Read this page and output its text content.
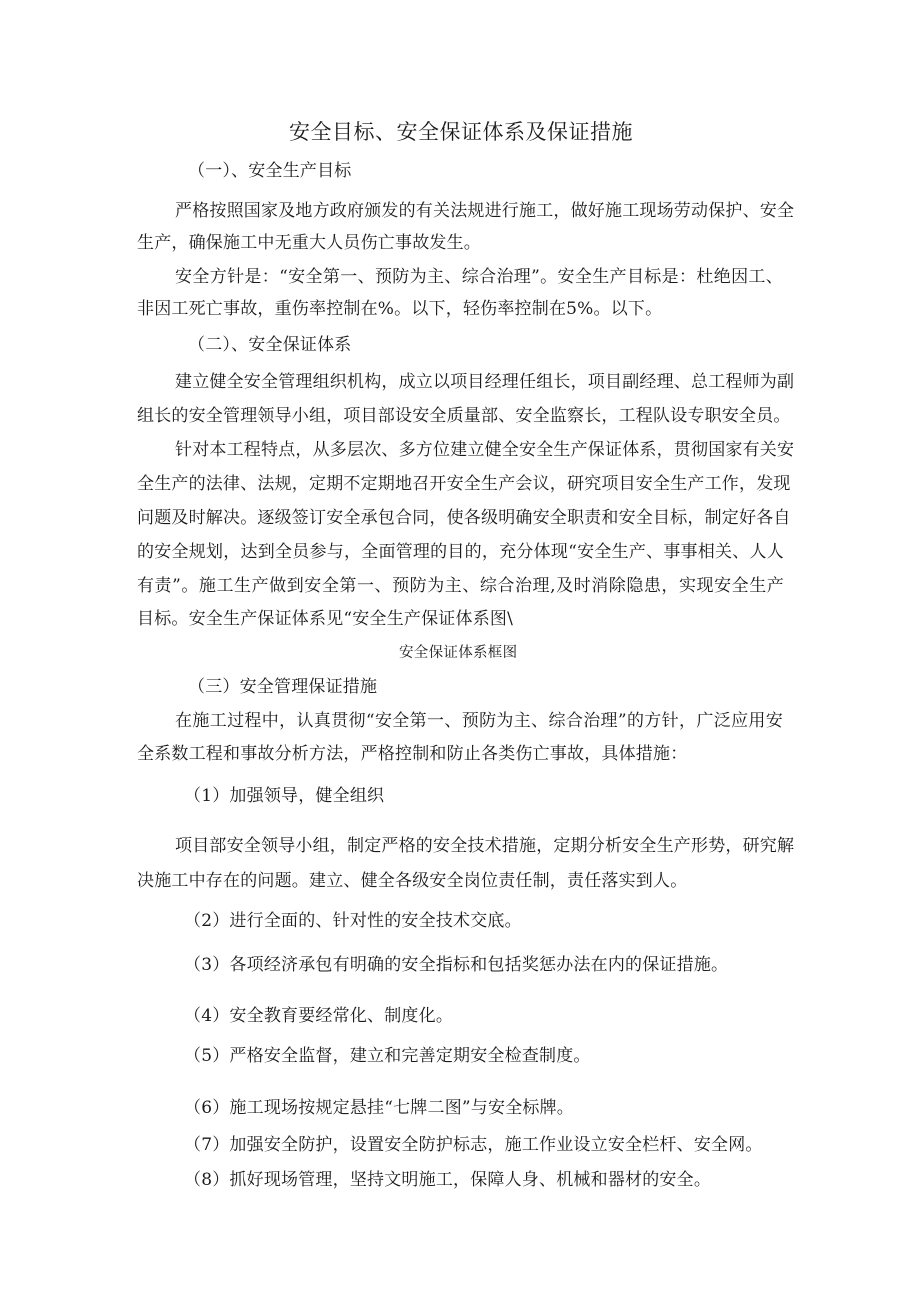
安全目标、安全保证体系及保证措施
（一）、安全生产目标
严格按照国家及地方政府颁发的有关法规进行施工，做好施工现场劳动保护、安全
生产，确保施工中无重大人员伤亡事故发生。
安全方针是：“安全第一、预防为主、综合治理”。安全生产目标是：杜绝因工、
非因工死亡事故，重伤率控制在%。以下，轻伤率控制在5%。以下。
（二）、安全保证体系
建立健全安全管理组织机构，成立以项目经理任组长，项目副经理、总工程师为副
组长的安全管理领导小组，项目部设安全质量部、安全监察长，工程队设专职安全员。
针对本工程特点，从多层次、多方位建立健全安全生产保证体系，贯彻国家有关安
全生产的法律、法规，定期不定期地召开安全生产会议，研究项目安全生产工作，发现
问题及时解决。逐级签订安全承包合同，使各级明确安全职责和安全目标，制定好各自
的安全规划，达到全员参与，全面管理的目的，充分体现“安全生产、事事相关、人人
有责”。施工生产做到安全第一、预防为主、综合治理,及时消除隐患，实现安全生产
目标。安全生产保证体系见“安全生产保证体系图\
安全保证体系框图
（三）安全管理保证措施
在施工过程中，认真贯彻“安全第一、预防为主、综合治理”的方针，广泛应用安
全系数工程和事故分析方法，严格控制和防止各类伤亡事故，具体措施：
（1）加强领导，健全组织
项目部安全领导小组，制定严格的安全技术措施，定期分析安全生产形势，研究解
决施工中存在的问题。建立、健全各级安全岗位责任制，责任落实到人。
（2）进行全面的、针对性的安全技术交底。
（3）各项经济承包有明确的安全指标和包括奖惩办法在内的保证措施。
（4）安全教育要经常化、制度化。
（5）严格安全监督，建立和完善定期安全检查制度。
（6）施工现场按规定悬挂“七牌二图”与安全标牌。
（7）加强安全防护，设置安全防护标志，施工作业设立安全栏杆、安全网。
（8）抓好现场管理，坚持文明施工，保障人身、机械和器材的安全。
